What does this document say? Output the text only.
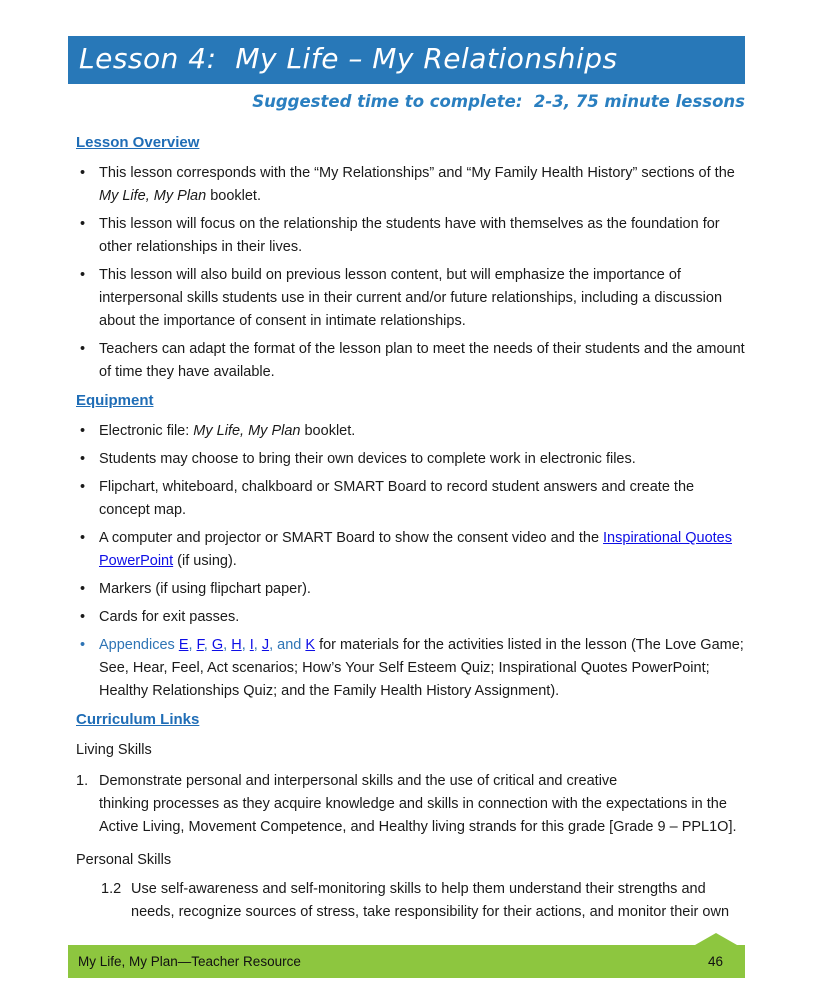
Lesson 4:  My Life – My Relationships
Suggested time to complete:  2-3, 75 minute lessons
Lesson Overview
• This lesson corresponds with the “My Relationships” and “My Family Health History” sections of the My Life, My Plan booklet.
• This lesson will focus on the relationship the students have with themselves as the foundation for other relationships in their lives.
• This lesson will also build on previous lesson content, but will emphasize the importance of interpersonal skills students use in their current and/or future relationships, including a discussion about the importance of consent in intimate relationships.
• Teachers can adapt the format of the lesson plan to meet the needs of their students and the amount of time they have available.
Equipment
• Electronic file: My Life, My Plan booklet.
• Students may choose to bring their own devices to complete work in electronic files.
• Flipchart, whiteboard, chalkboard or SMART Board to record student answers and create the concept map.
• A computer and projector or SMART Board to show the consent video and the Inspirational Quotes PowerPoint (if using).
• Markers (if using flipchart paper).
• Cards for exit passes.
• Appendices E, F, G, H, I, J, and K for materials for the activities listed in the lesson (The Love Game; See, Hear, Feel, Act scenarios; How’s Your Self Esteem Quiz; Inspirational Quotes PowerPoint; Healthy Relationships Quiz; and the Family Health History Assignment).
Curriculum Links
Living Skills
1. Demonstrate personal and interpersonal skills and the use of critical and creative
thinking processes as they acquire knowledge and skills in connection with the expectations in the Active Living, Movement Competence, and Healthy living strands for this grade [Grade 9 – PPL1O].
Personal Skills
1.2 Use self-awareness and self-monitoring skills to help them understand their strengths and needs, recognize sources of stress, take responsibility for their actions, and monitor their own
My Life, My Plan—Teacher Resource	46
